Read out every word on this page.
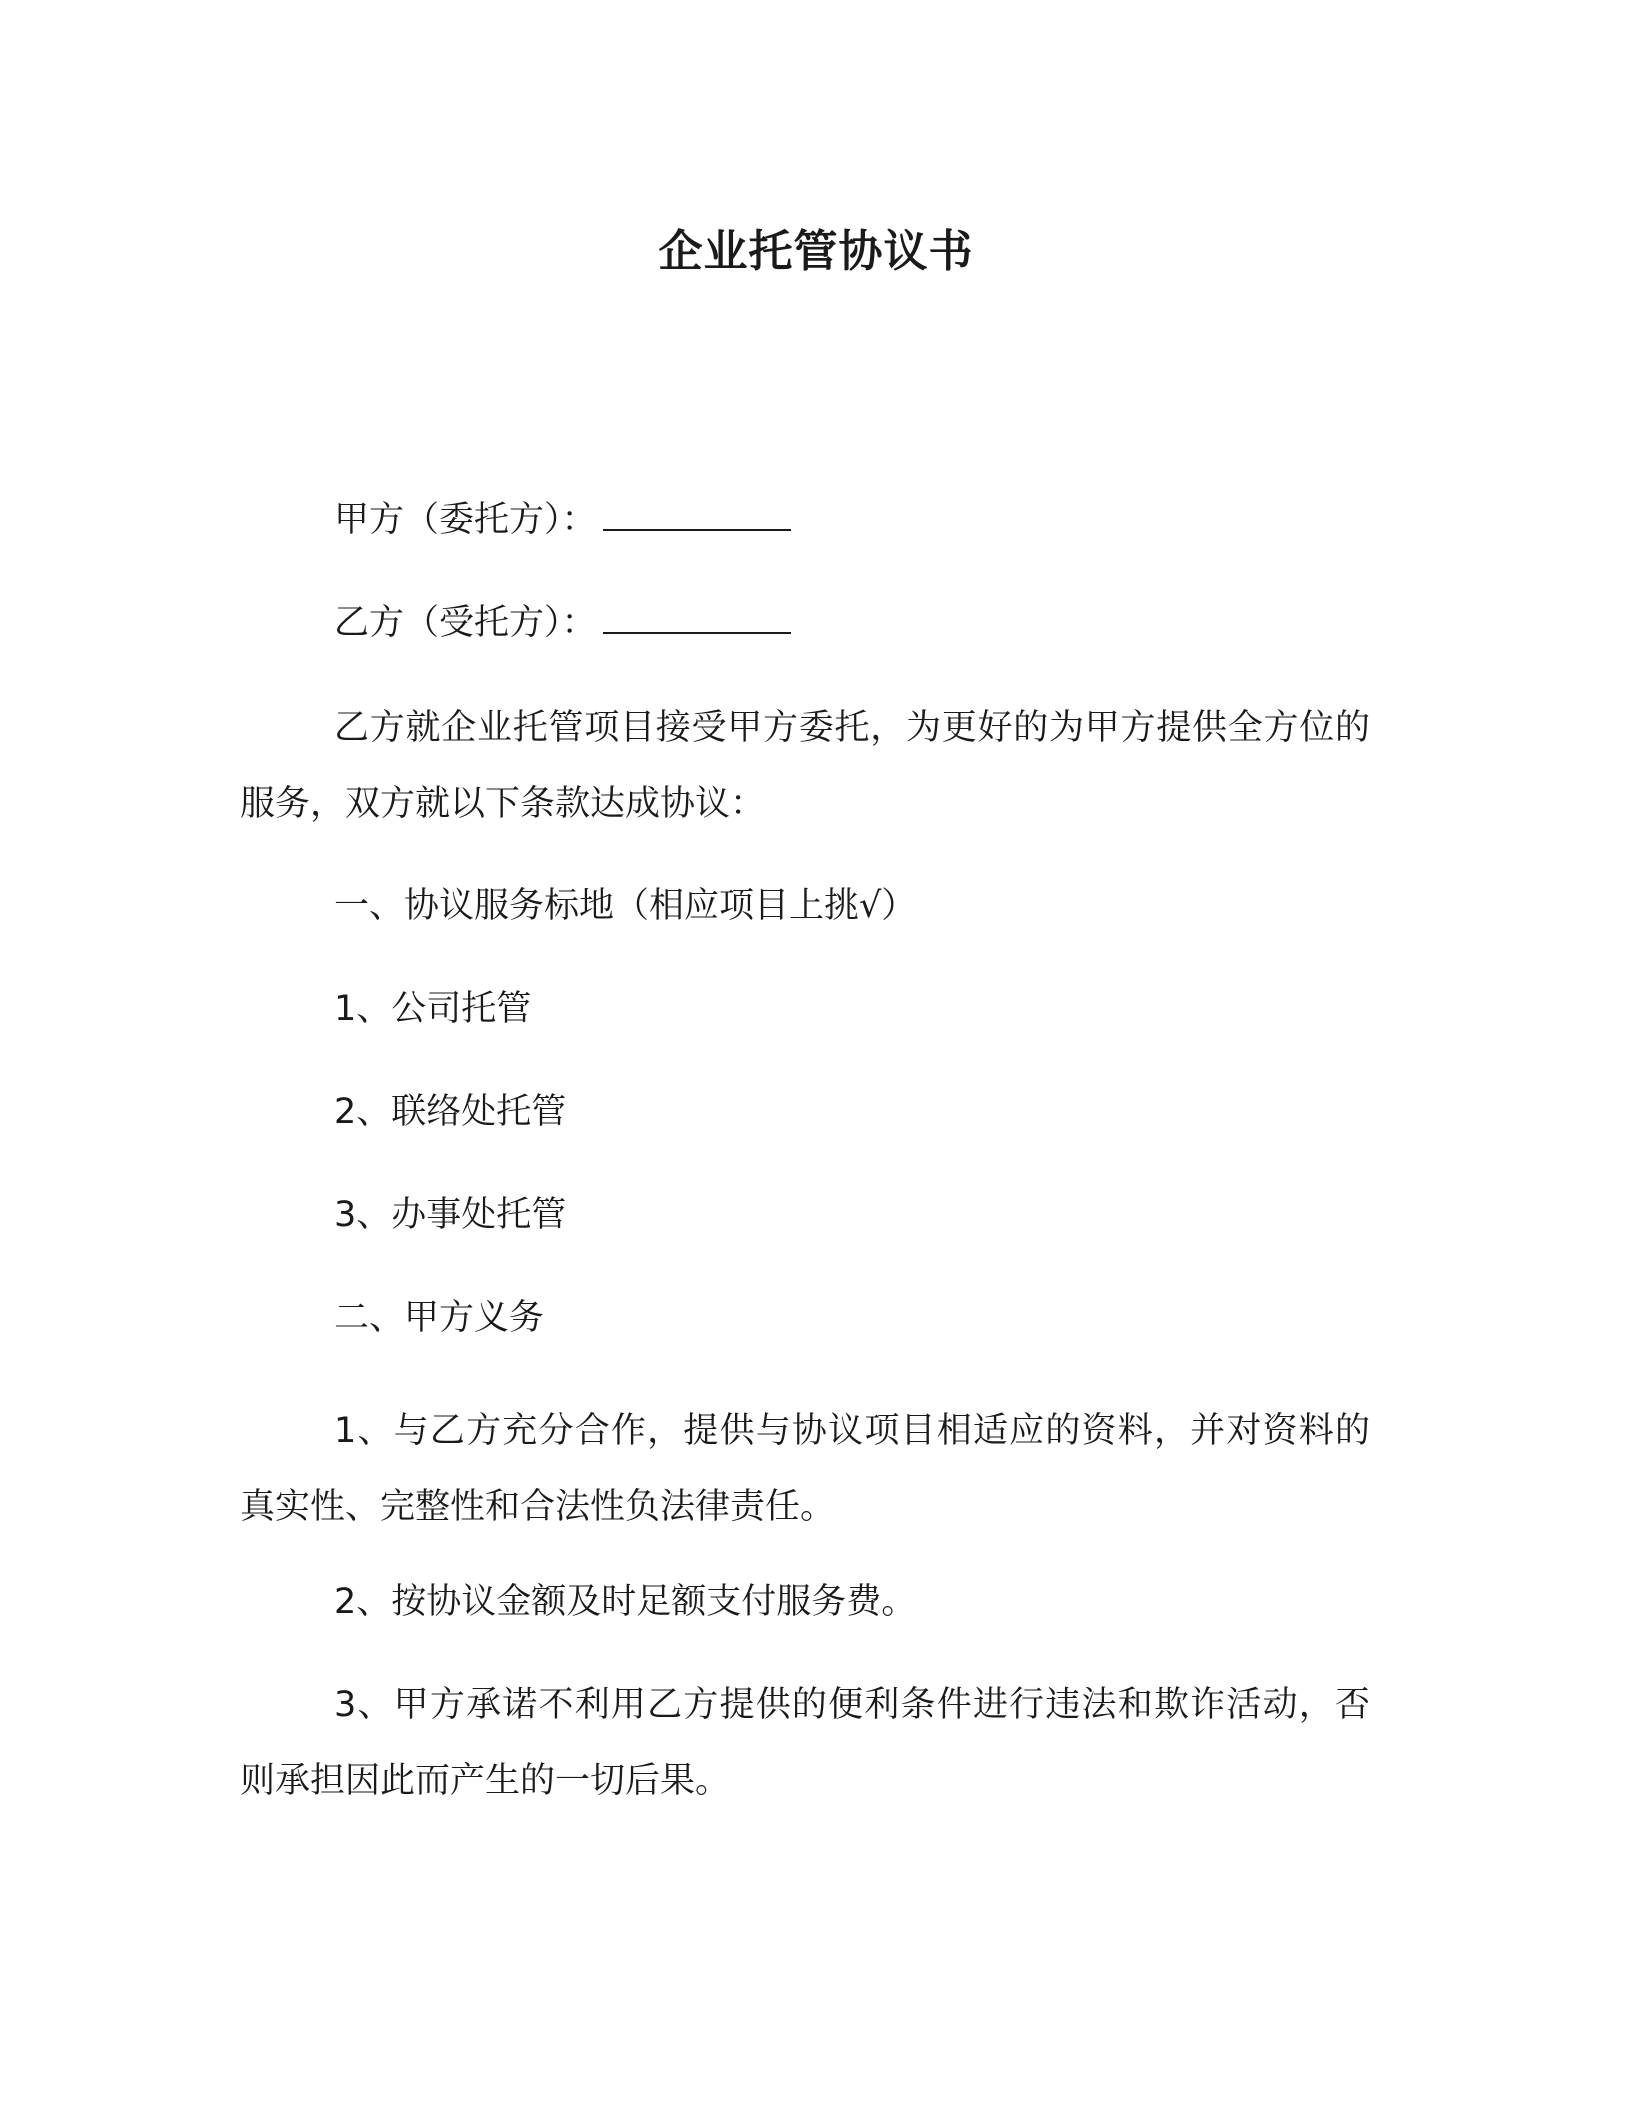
企业托管协议书
甲方（委托方）：
乙方（受托方）：

乙方就企业托管项目接受甲方委托，为更好的为甲方提供全方位的服务，双方就以下条款达成协议：

一、协议服务标地（相应项目上挑√）
1、公司托管
2、联络处托管
3、办事处托管
二、甲方义务

1、与乙方充分合作，提供与协议项目相适应的资料，并对资料的真实性、完整性和合法性负法律责任。

2、按协议金额及时足额支付服务费。

3、甲方承诺不利用乙方提供的便利条件进行违法和欺诈活动，否则承担因此而产生的一切后果。
